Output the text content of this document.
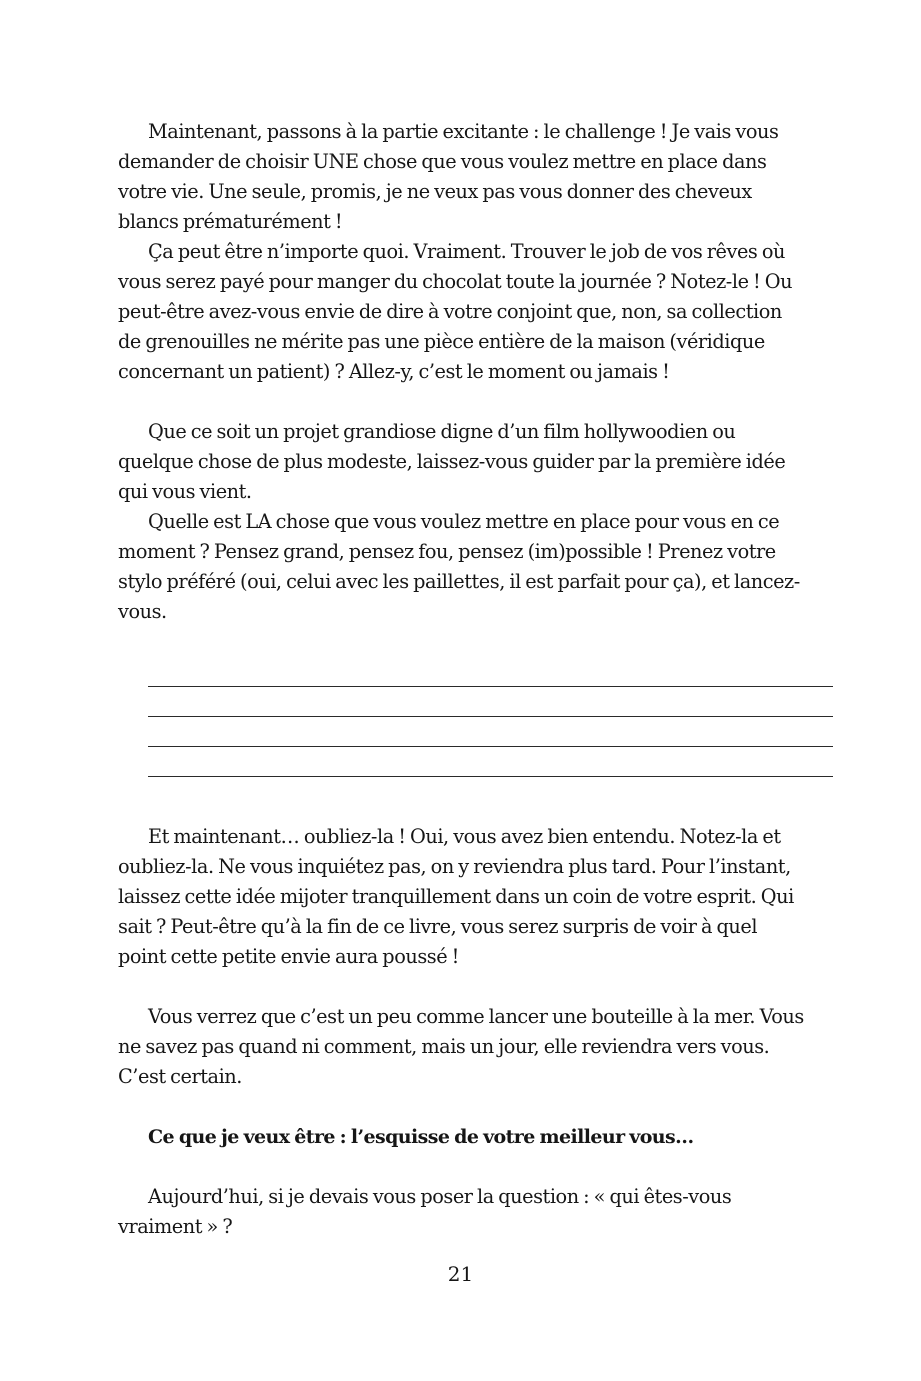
Maintenant, passons à la partie excitante : le challenge ! Je vais vous demander de choisir UNE chose que vous voulez mettre en place dans votre vie. Une seule, promis, je ne veux pas vous donner des cheveux blancs prématurément !

Ça peut être n’importe quoi. Vraiment. Trouver le job de vos rêves où vous serez payé pour manger du chocolat toute la journée ? Notez-le ! Ou peut-être avez-vous envie de dire à votre conjoint que, non, sa collection de grenouilles ne mérite pas une pièce entière de la maison (véridique concernant un patient) ? Allez-y, c’est le moment ou jamais !

Que ce soit un projet grandiose digne d’un film hollywoodien ou quelque chose de plus modeste, laissez-vous guider par la première idée qui vous vient.

Quelle est LA chose que vous voulez mettre en place pour vous en ce moment ? Pensez grand, pensez fou, pensez (im)possible ! Prenez votre stylo préféré (oui, celui avec les paillettes, il est parfait pour ça), et lancez-vous.

Et maintenant… oubliez-la ! Oui, vous avez bien entendu. Notez-la et oubliez-la. Ne vous inquiétez pas, on y reviendra plus tard. Pour l’instant, laissez cette idée mijoter tranquillement dans un coin de votre esprit. Qui sait ? Peut-être qu’à la fin de ce livre, vous serez surpris de voir à quel point cette petite envie aura poussé !

Vous verrez que c’est un peu comme lancer une bouteille à la mer. Vous ne savez pas quand ni comment, mais un jour, elle reviendra vers vous. C’est certain.

Ce que je veux être : l’esquisse de votre meilleur vous…

Aujourd’hui, si je devais vous poser la question : « qui êtes-vous vraiment » ?

21
